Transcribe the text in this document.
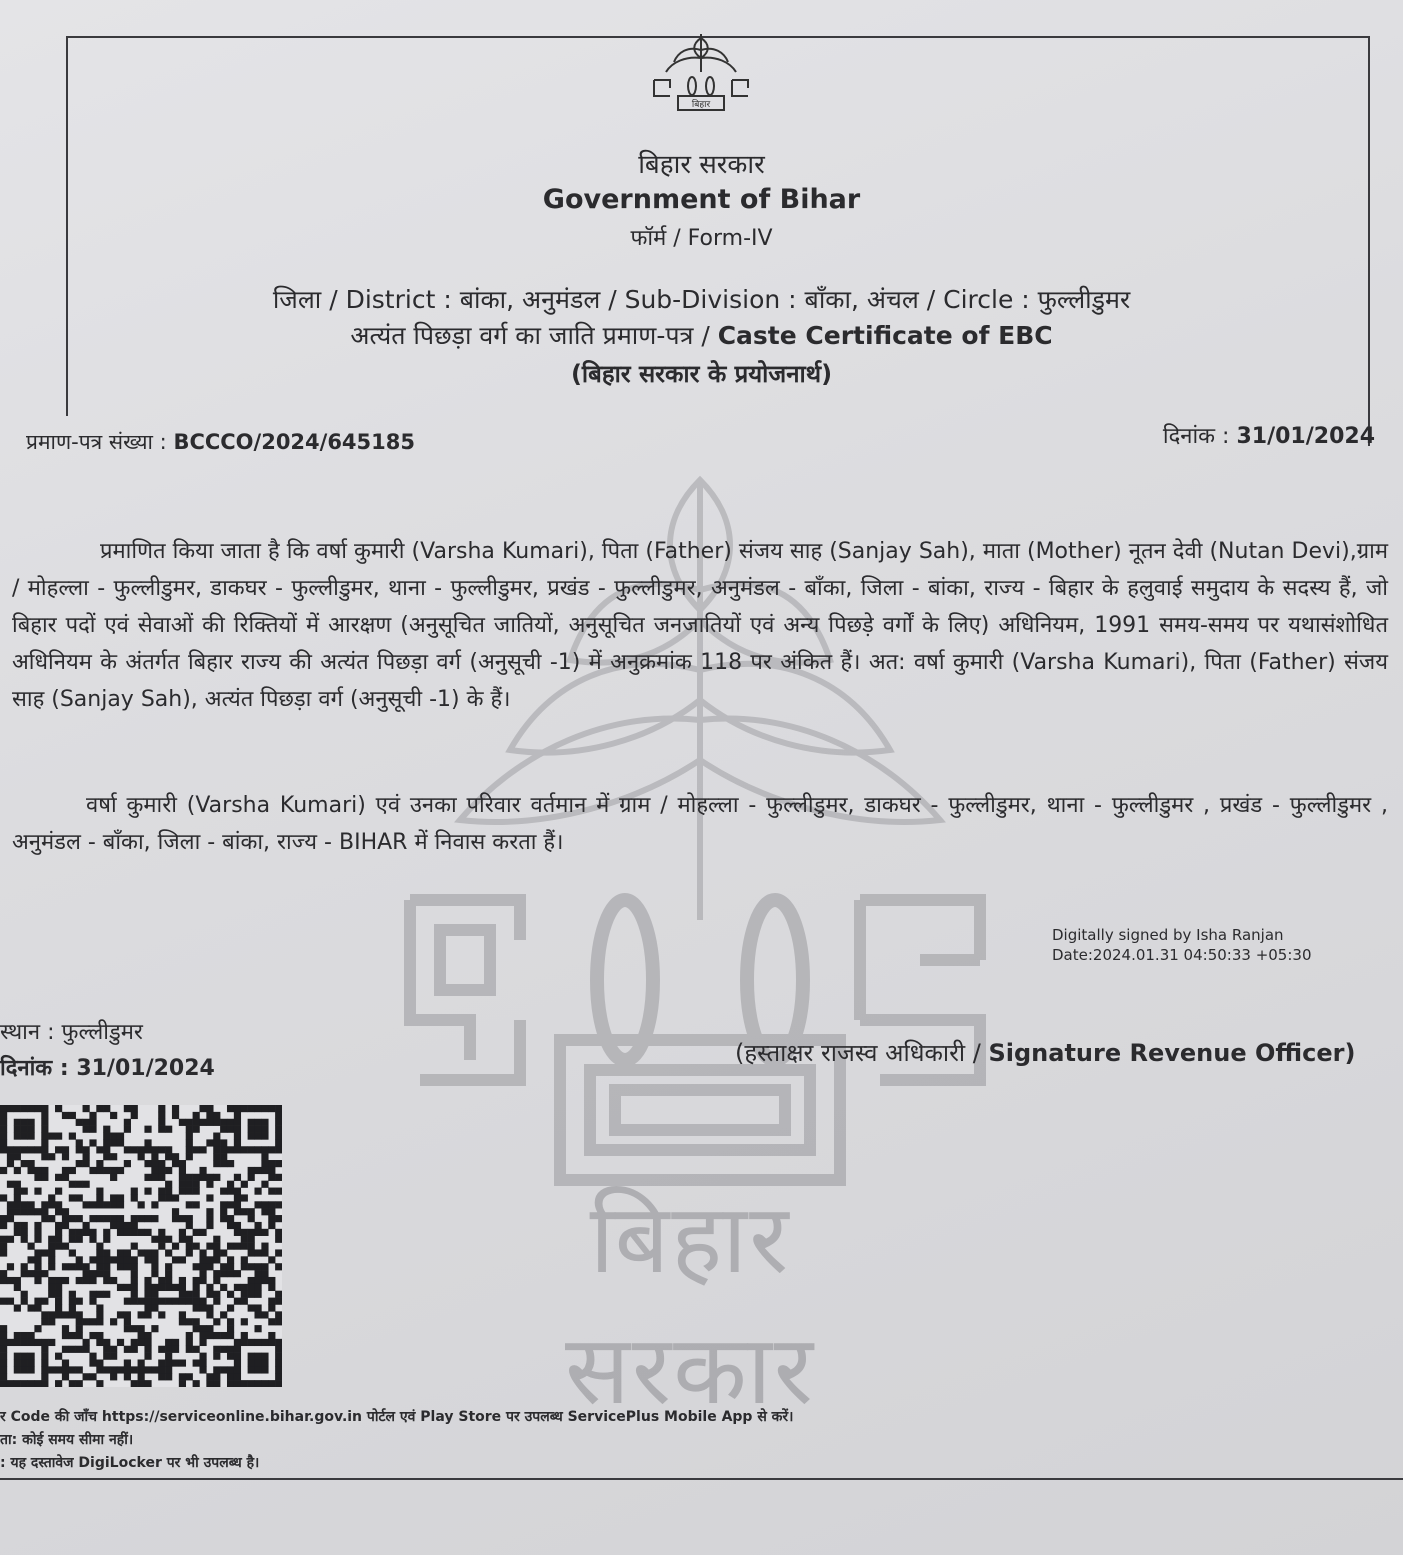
बिहार सरकार
बिहार
बिहार सरकार
Government of Bihar
फॉर्म / Form-IV
जिला / District : बांका, अनुमंडल / Sub-Division : बाँका, अंचल / Circle : फुल्लीडुमर
अत्यंत पिछड़ा वर्ग का जाति प्रमाण-पत्र / Caste Certificate of EBC
(बिहार सरकार के प्रयोजनार्थ)
प्रमाण-पत्र संख्या : BCCCO/2024/645185	दिनांक : 31/01/2024

प्रमाणित किया जाता है कि वर्षा कुमारी (Varsha Kumari), पिता (Father) संजय साह (Sanjay Sah), माता (Mother) नूतन देवी (Nutan Devi),ग्राम / मोहल्ला - फुल्लीडुमर, डाकघर - फुल्लीडुमर, थाना - फुल्लीडुमर, प्रखंड - फुल्लीडुमर, अनुमंडल - बाँका, जिला - बांका, राज्य - बिहार के हलुवाई समुदाय के सदस्य हैं, जो बिहार पदों एवं सेवाओं की रिक्तियों में आरक्षण (अनुसूचित जातियों, अनुसूचित जनजातियों एवं अन्य पिछड़े वर्गों के लिए) अधिनियम, 1991 समय-समय पर यथासंशोधित अधिनियम के अंतर्गत बिहार राज्य की अत्यंत पिछड़ा वर्ग (अनुसूची -1) में अनुक्रमांक 118 पर अंकित हैं। अत: वर्षा कुमारी (Varsha Kumari), पिता (Father) संजय साह (Sanjay Sah), अत्यंत पिछड़ा वर्ग (अनुसूची -1) के हैं।

वर्षा कुमारी (Varsha Kumari) एवं उनका परिवार वर्तमान में ग्राम / मोहल्ला - फुल्लीडुमर, डाकघर - फुल्लीडुमर, थाना - फुल्लीडुमर , प्रखंड - फुल्लीडुमर , अनुमंडल - बाँका, जिला - बांका, राज्य - BIHAR में निवास करता हैं।

Digitally signed by Isha Ranjan
Date:2024.01.31 04:50:33 +05:30
स्थान : फुल्लीडुमर
दिनांक : 31/01/2024
(हस्ताक्षर राजस्व अधिकारी / Signature Revenue Officer)
र Code की जाँच https://serviceonline.bihar.gov.in पोर्टल एवं Play Store पर उपलब्ध ServicePlus Mobile App से करें।
ता: कोई समय सीमा नहीं।
: यह दस्तावेज DigiLocker पर भी उपलब्ध है।
